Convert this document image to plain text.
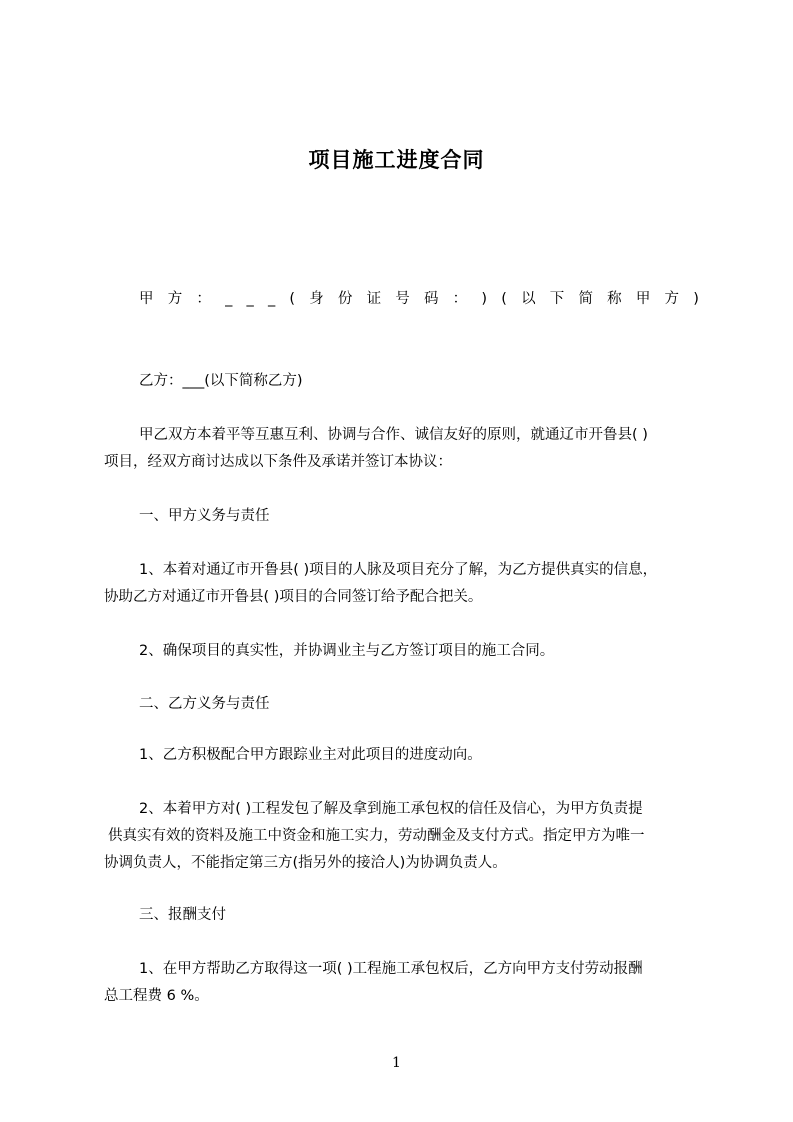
项目施工进度合同
甲 方 ： _ _ _ ( 身 份 证 号 码 ： ) ( 以 下 简 称 甲 方 )
乙方：___(以下简称乙方)
甲乙双方本着平等互惠互利、协调与合作、诚信友好的原则，就通辽市开鲁县( )
项目，经双方商讨达成以下条件及承诺并签订本协议：
一、甲方义务与责任
1、本着对通辽市开鲁县( )项目的人脉及项目充分了解，为乙方提供真实的信息，
协助乙方对通辽市开鲁县( )项目的合同签订给予配合把关。
2、确保项目的真实性，并协调业主与乙方签订项目的施工合同。
二、乙方义务与责任
1、乙方积极配合甲方跟踪业主对此项目的进度动向。
2、本着甲方对( )工程发包了解及拿到施工承包权的信任及信心，为甲方负责提
供真实有效的资料及施工中资金和施工实力，劳动酬金及支付方式。指定甲方为唯一
协调负责人，不能指定第三方(指另外的接洽人)为协调负责人。
三、报酬支付
1、在甲方帮助乙方取得这一项( )工程施工承包权后，乙方向甲方支付劳动报酬
总工程费 6 %。
1
